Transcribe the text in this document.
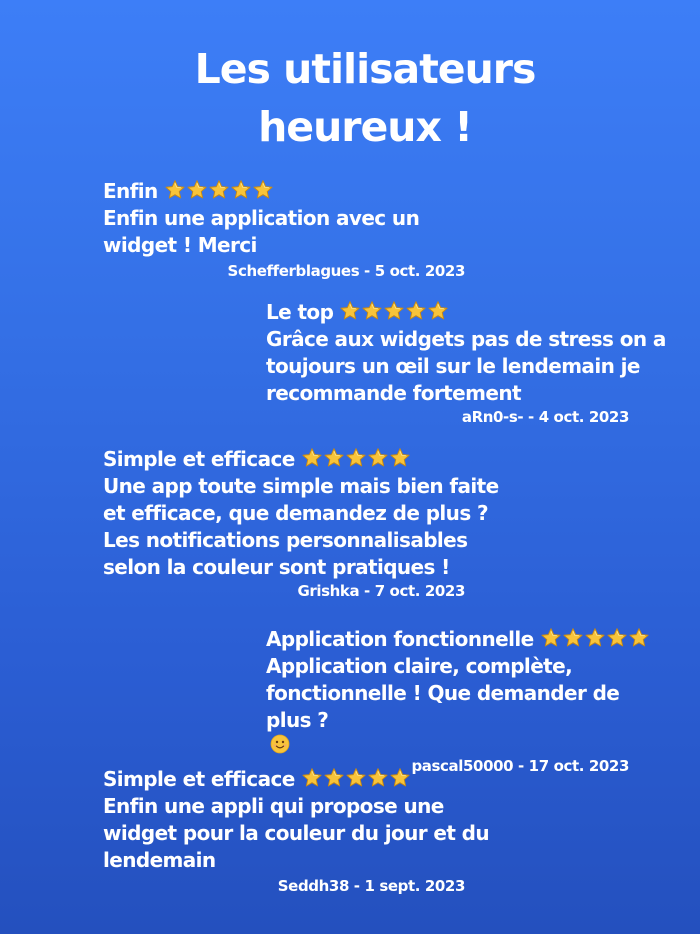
Les utilisateurs
heureux !
Enfin
Enfin une application avec un
widget ! Merci
Schefferblagues - 5 oct. 2023
Le top
Grâce aux widgets pas de stress on a
toujours un œil sur le lendemain je
recommande fortement
aRn0-s- - 4 oct. 2023
Simple et efficace
Une app toute simple mais bien faite
et efficace, que demandez de plus ?
Les notifications personnalisables
selon la couleur sont pratiques !
Grishka - 7 oct. 2023
Application fonctionnelle
Application claire, complète,
fonctionnelle ! Que demander de
plus ?
pascal50000 - 17 oct. 2023
Simple et efficace
Enfin une appli qui propose une
widget pour la couleur du jour et du
lendemain
Seddh38 - 1 sept. 2023
